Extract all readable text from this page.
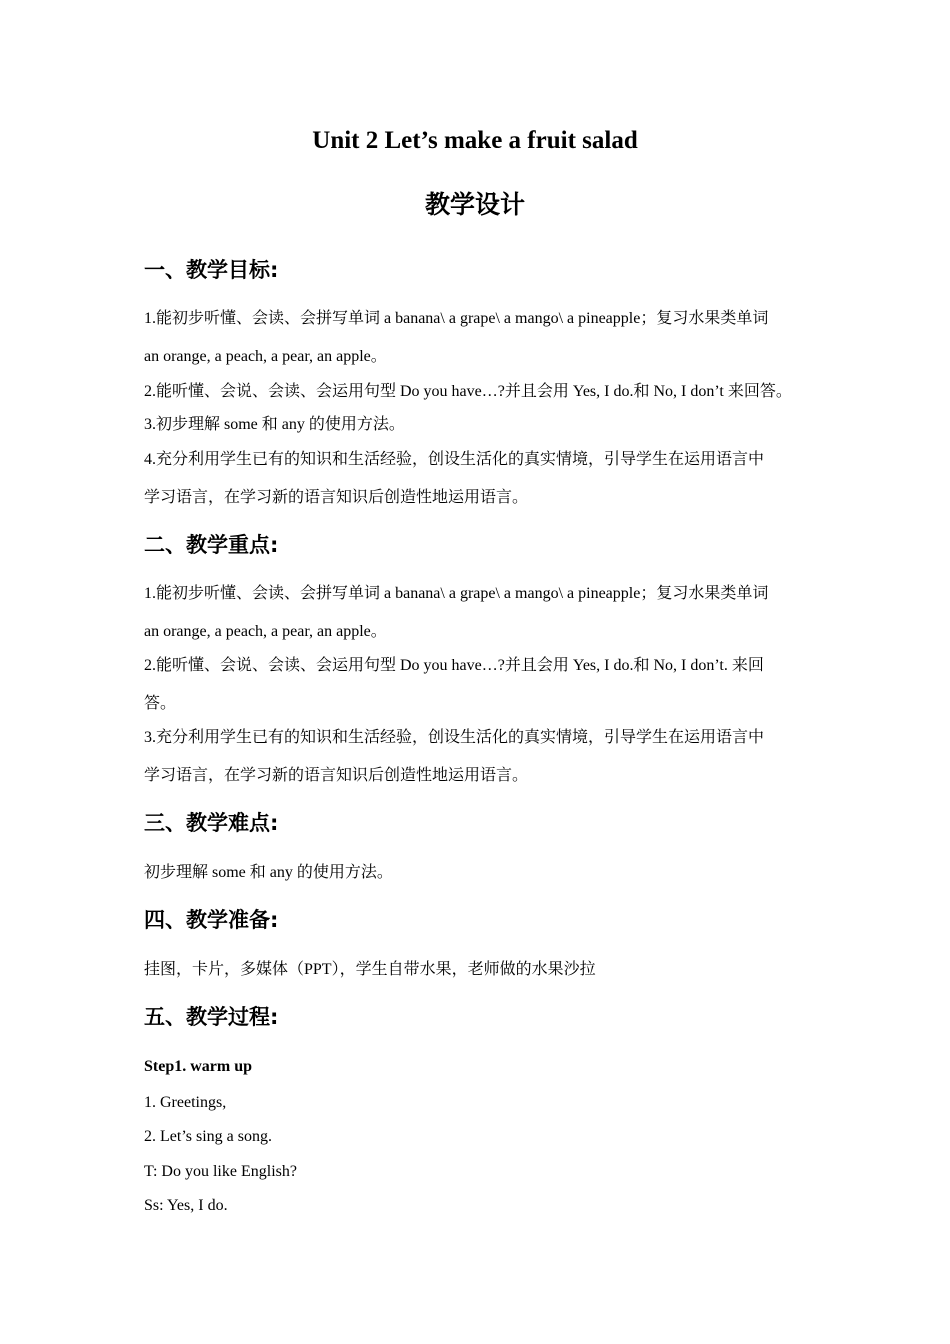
Unit 2 Let’s make a fruit salad
教学设计
一、教学目标:
1.能初步听懂、会读、会拼写单词 a banana\ a grape\ a mango\ a pineapple；复习水果类单词
an orange, a peach, a pear, an apple。
2.能听懂、会说、会读、会运用句型 Do you have…?并且会用 Yes, I do.和 No, I don’t 来回答。
3.初步理解 some 和 any 的使用方法。
4.充分利用学生已有的知识和生活经验，创设生活化的真实情境，引导学生在运用语言中
学习语言，在学习新的语言知识后创造性地运用语言。
二、教学重点:
1.能初步听懂、会读、会拼写单词 a banana\ a grape\ a mango\ a pineapple；复习水果类单词
an orange, a peach, a pear, an apple。
2.能听懂、会说、会读、会运用句型 Do you have…?并且会用 Yes, I do.和 No, I don’t. 来回
答。
3.充分利用学生已有的知识和生活经验，创设生活化的真实情境，引导学生在运用语言中
学习语言，在学习新的语言知识后创造性地运用语言。
三、教学难点:
初步理解 some 和 any 的使用方法。
四、教学准备:
挂图，卡片，多媒体（PPT），学生自带水果，老师做的水果沙拉
五、教学过程:
Step1. warm up
1. Greetings,
2. Let’s sing a song.
T: Do you like English?
Ss: Yes, I do.
